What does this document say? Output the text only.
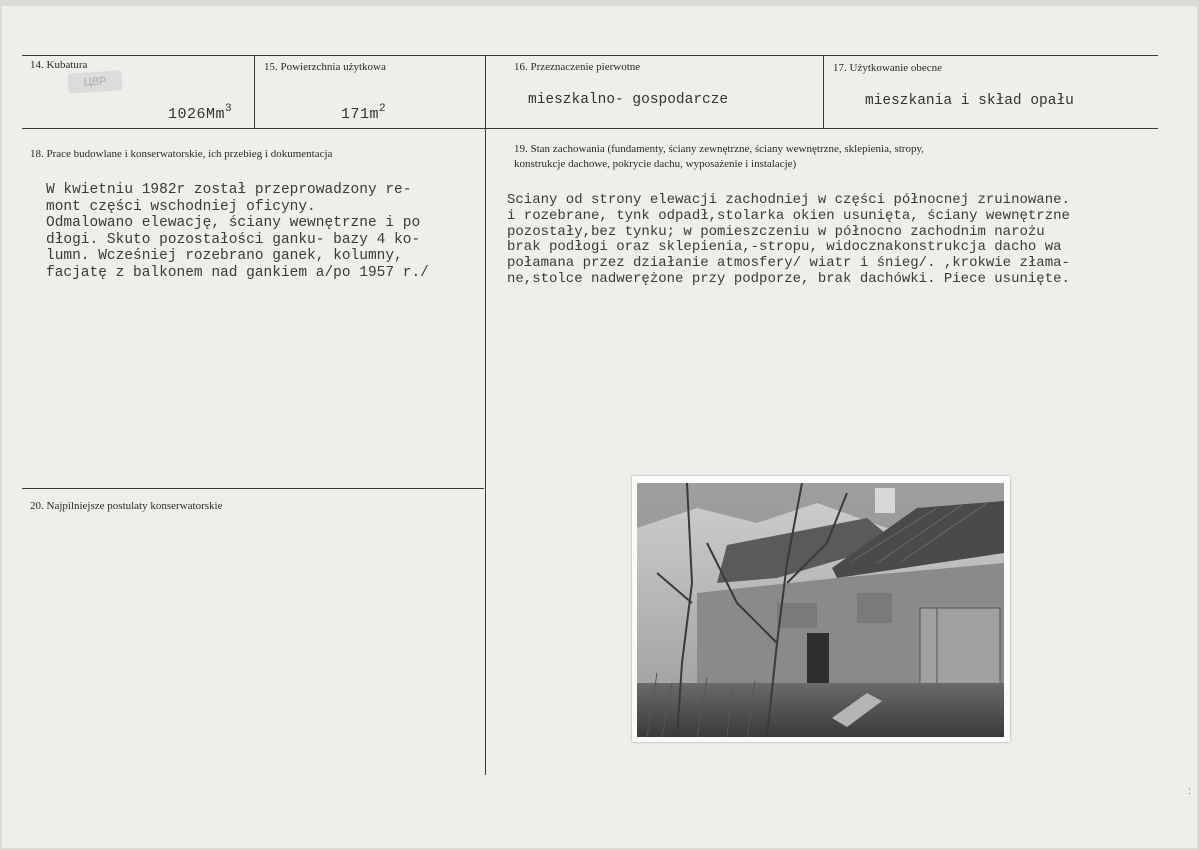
14. Kubatura
ЦВР

1026Mm$^3$

15. Powierzchnia użytkowa

$171m^2$

16. Przeznaczenie pierwotne
mieszkalno- gospodarcze
17. Użytkowanie obecne
mieszkania i skład opału
18. Prace budowlane i konserwatorskie, ich przebieg i dokumentacja
W kwietniu 1982r został przeprowadzony re-
mont części wschodniej oficyny.
Odmalowano elewację, ściany wewnętrzne i po
dłogi. Skuto pozostałości ganku- bazy 4 ko-
lumn. Wcześniej rozebrano ganek, kolumny,
facjatę z balkonem nad gankiem a/po 1957 r./
19. Stan zachowania (fundamenty, ściany zewnętrzne, ściany wewnętrzne, sklepienia, stropy,
konstrukcje dachowe, pokrycie dachu, wyposażenie i instalacje)
Sciany od strony elewacji zachodniej w części północnej zruinowane.
i rozebrane, tynk odpadł,stolarka okien usunięta, ściany wewnętrzne
pozostały,bez tynku; w pomieszczeniu w północno zachodnim narożu
brak podłogi oraz sklepienia,-stropu, widocznakonstrukcja dacho wa
połamana przez działanie atmosfery/ wiatr i śnieg/. ,krokwie złama-
ne,stolce nadwerężone przy podporze, brak dachówki. Piece usunięte.
20. Najpilniejsze postulaty konserwatorskie
:
